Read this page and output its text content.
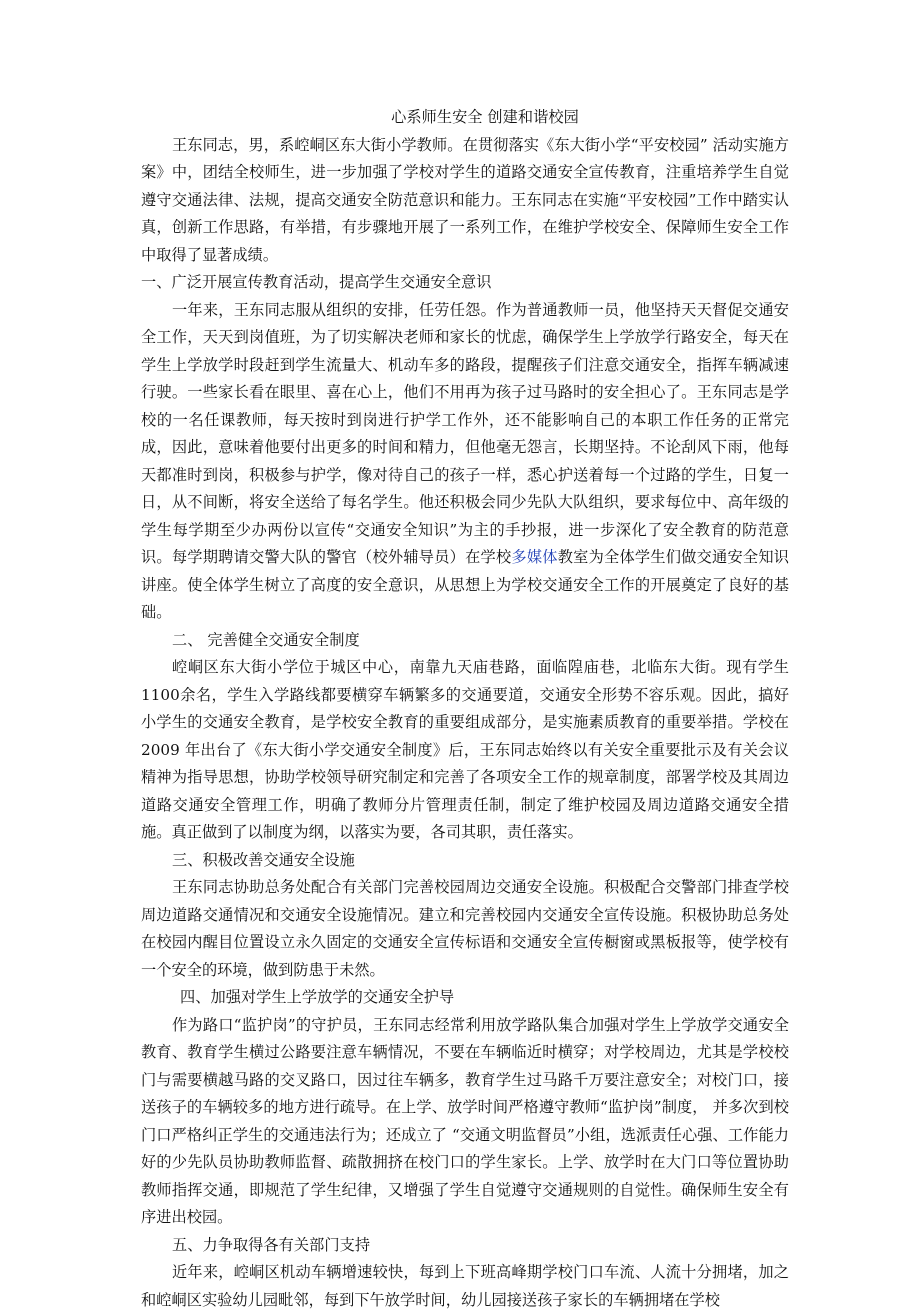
心系师生安全 创建和谐校园

王东同志，男，系崆峒区东大街小学教师。在贯彻落实《东大街小学“平安校园” 活动实施方案》中，团结全校师生，进一步加强了学校对学生的道路交通安全宣传教育，注重培养学生自觉遵守交通法律、法规，提高交通安全防范意识和能力。王东同志在实施“平安校园”工作中踏实认真，创新工作思路，有举措，有步骤地开展了一系列工作，在维护学校安全、保障师生安全工作中取得了显著成绩。

一、广泛开展宣传教育活动，提高学生交通安全意识

一年来，王东同志服从组织的安排，任劳任怨。作为普通教师一员，他坚持天天督促交通安全工作，天天到岗值班，为了切实解决老师和家长的忧虑，确保学生上学放学行路安全，每天在学生上学放学时段赶到学生流量大、机动车多的路段，提醒孩子们注意交通安全，指挥车辆减速行驶。一些家长看在眼里、喜在心上，他们不用再为孩子过马路时的安全担心了。王东同志是学校的一名任课教师，每天按时到岗进行护学工作外，还不能影响自己的本职工作任务的正常完成，因此，意味着他要付出更多的时间和精力，但他毫无怨言，长期坚持。不论刮风下雨，他每天都准时到岗，积极参与护学，像对待自己的孩子一样，悉心护送着每一个过路的学生，日复一日，从不间断，将安全送给了每名学生。他还积极会同少先队大队组织，要求每位中、高年级的学生每学期至少办两份以宣传“交通安全知识”为主的手抄报，进一步深化了安全教育的防范意识。每学期聘请交警大队的警官（校外辅导员）在学校多媒体教室为全体学生们做交通安全知识讲座。使全体学生树立了高度的安全意识，从思想上为学校交通安全工作的开展奠定了良好的基础。

二、 完善健全交通安全制度

崆峒区东大街小学位于城区中心，南靠九天庙巷路，面临隍庙巷，北临东大街。现有学生1100余名，学生入学路线都要横穿车辆繁多的交通要道，交通安全形势不容乐观。因此，搞好小学生的交通安全教育，是学校安全教育的重要组成部分，是实施素质教育的重要举措。学校在 2009 年出台了《东大街小学交通安全制度》后，王东同志始终以有关安全重要批示及有关会议精神为指导思想，协助学校领导研究制定和完善了各项安全工作的规章制度，部署学校及其周边道路交通安全管理工作，明确了教师分片管理责任制，制定了维护校园及周边道路交通安全措施。真正做到了以制度为纲，以落实为要，各司其职，责任落实。

三、积极改善交通安全设施

王东同志协助总务处配合有关部门完善校园周边交通安全设施。积极配合交警部门排查学校周边道路交通情况和交通安全设施情况。建立和完善校园内交通安全宣传设施。积极协助总务处在校园内醒目位置设立永久固定的交通安全宣传标语和交通安全宣传橱窗或黑板报等，使学校有一个安全的环境，做到防患于未然。

四、加强对学生上学放学的交通安全护导

作为路口“监护岗”的守护员，王东同志经常利用放学路队集合加强对学生上学放学交通安全教育、教育学生横过公路要注意车辆情况，不要在车辆临近时横穿；对学校周边，尤其是学校校门与需要横越马路的交叉路口，因过往车辆多，教育学生过马路千万要注意安全；对校门口，接送孩子的车辆较多的地方进行疏导。在上学、放学时间严格遵守教师“监护岗”制度， 并多次到校门口严格纠正学生的交通违法行为；还成立了 “交通文明监督员”小组，选派责任心强、工作能力好的少先队员协助教师监督、疏散拥挤在校门口的学生家长。上学、放学时在大门口等位置协助教师指挥交通，即规范了学生纪律，又增强了学生自觉遵守交通规则的自觉性。确保师生安全有序进出校园。

五、力争取得各有关部门支持

近年来，崆峒区机动车辆增速较快，每到上下班高峰期学校门口车流、人流十分拥堵，加之和崆峒区实验幼儿园毗邻，每到下午放学时间，幼儿园接送孩子家长的车辆拥堵在学校
